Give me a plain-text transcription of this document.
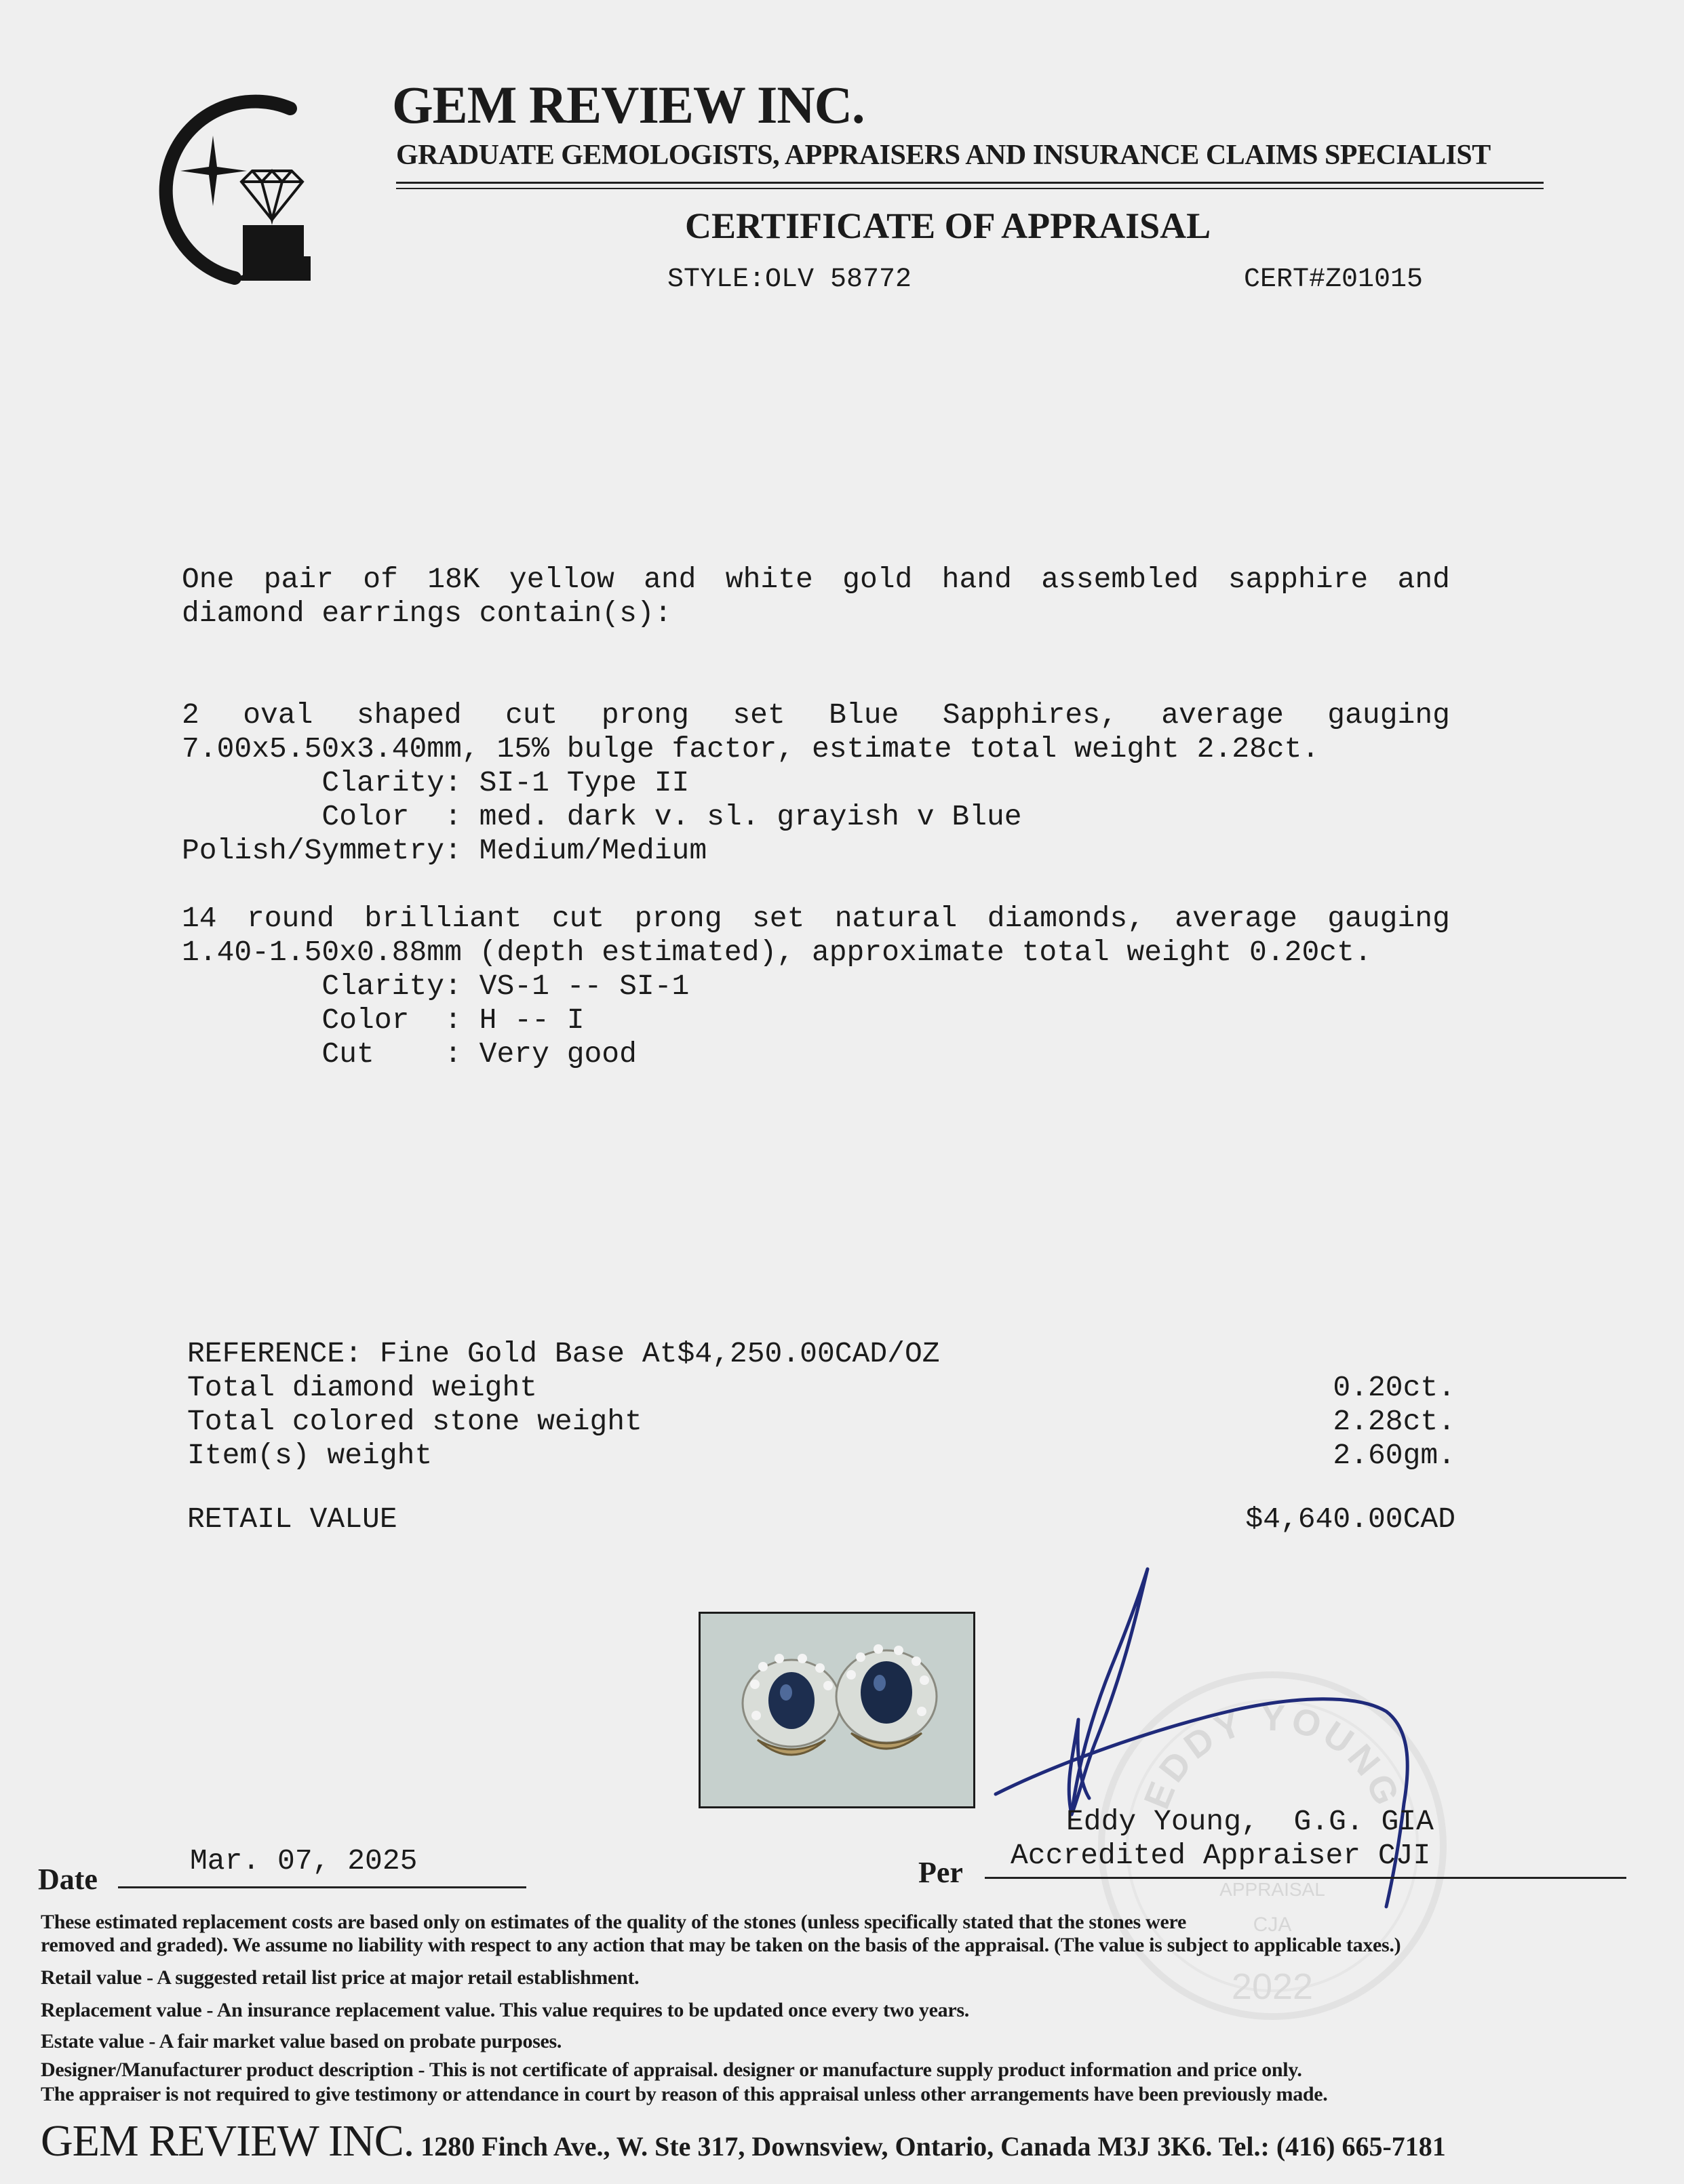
GEM REVIEW INC.
GRADUATE GEMOLOGISTS, APPRAISERS AND INSURANCE CLAIMS SPECIALIST
CERTIFICATE OF APPRAISAL
STYLE:OLV 58772	CERT#Z01015
One pair of 18K yellow and white gold hand assembled sapphire and
diamond earrings contain(s):
2 oval shaped cut prong set Blue Sapphires, average gauging
7.00x5.50x3.40mm, 15% bulge factor, estimate total weight 2.28ct.
Clarity: SI-1 Type II
Color  : med. dark v. sl. grayish v Blue
Polish/Symmetry: Medium/Medium
14 round brilliant cut prong set natural diamonds, average gauging
1.40-1.50x0.88mm (depth estimated), approximate total weight 0.20ct.
Clarity: VS-1 -- SI-1
Color  : H -- I
Cut    : Very good
REFERENCE: Fine Gold Base At$4,250.00CAD/OZ
Total diamond weight	0.20ct.
Total colored stone weight	2.28ct.
Item(s) weight	2.60gm.
RETAIL VALUE	$4,640.00CAD
EDDY YOUNG
APPRAISAL
CJA
2022
Eddy Young,  G.G. GIA
Accredited Appraiser CJI
Date
Mar. 07, 2025	Per
These estimated replacement costs are based only on estimates of the quality of the stones (unless specifically stated that the stones were
removed and graded). We assume no liability with respect to any action that may be taken on the basis of the appraisal. (The value is subject to applicable taxes.)
Retail value - A suggested retail list price at major retail establishment.
Replacement value - An insurance replacement value. This value requires to be updated once every two years.
Estate value - A fair market value based on probate purposes.
Designer/Manufacturer product description - This is not certificate of appraisal. designer or manufacture supply product information and price only.
The appraiser is not required to give testimony or attendance in court by reason of this appraisal unless other arrangements have been previously made.
GEM REVIEW INC. 1280 Finch Ave., W. Ste 317, Downsview, Ontario, Canada M3J 3K6. Tel.: (416) 665-7181
